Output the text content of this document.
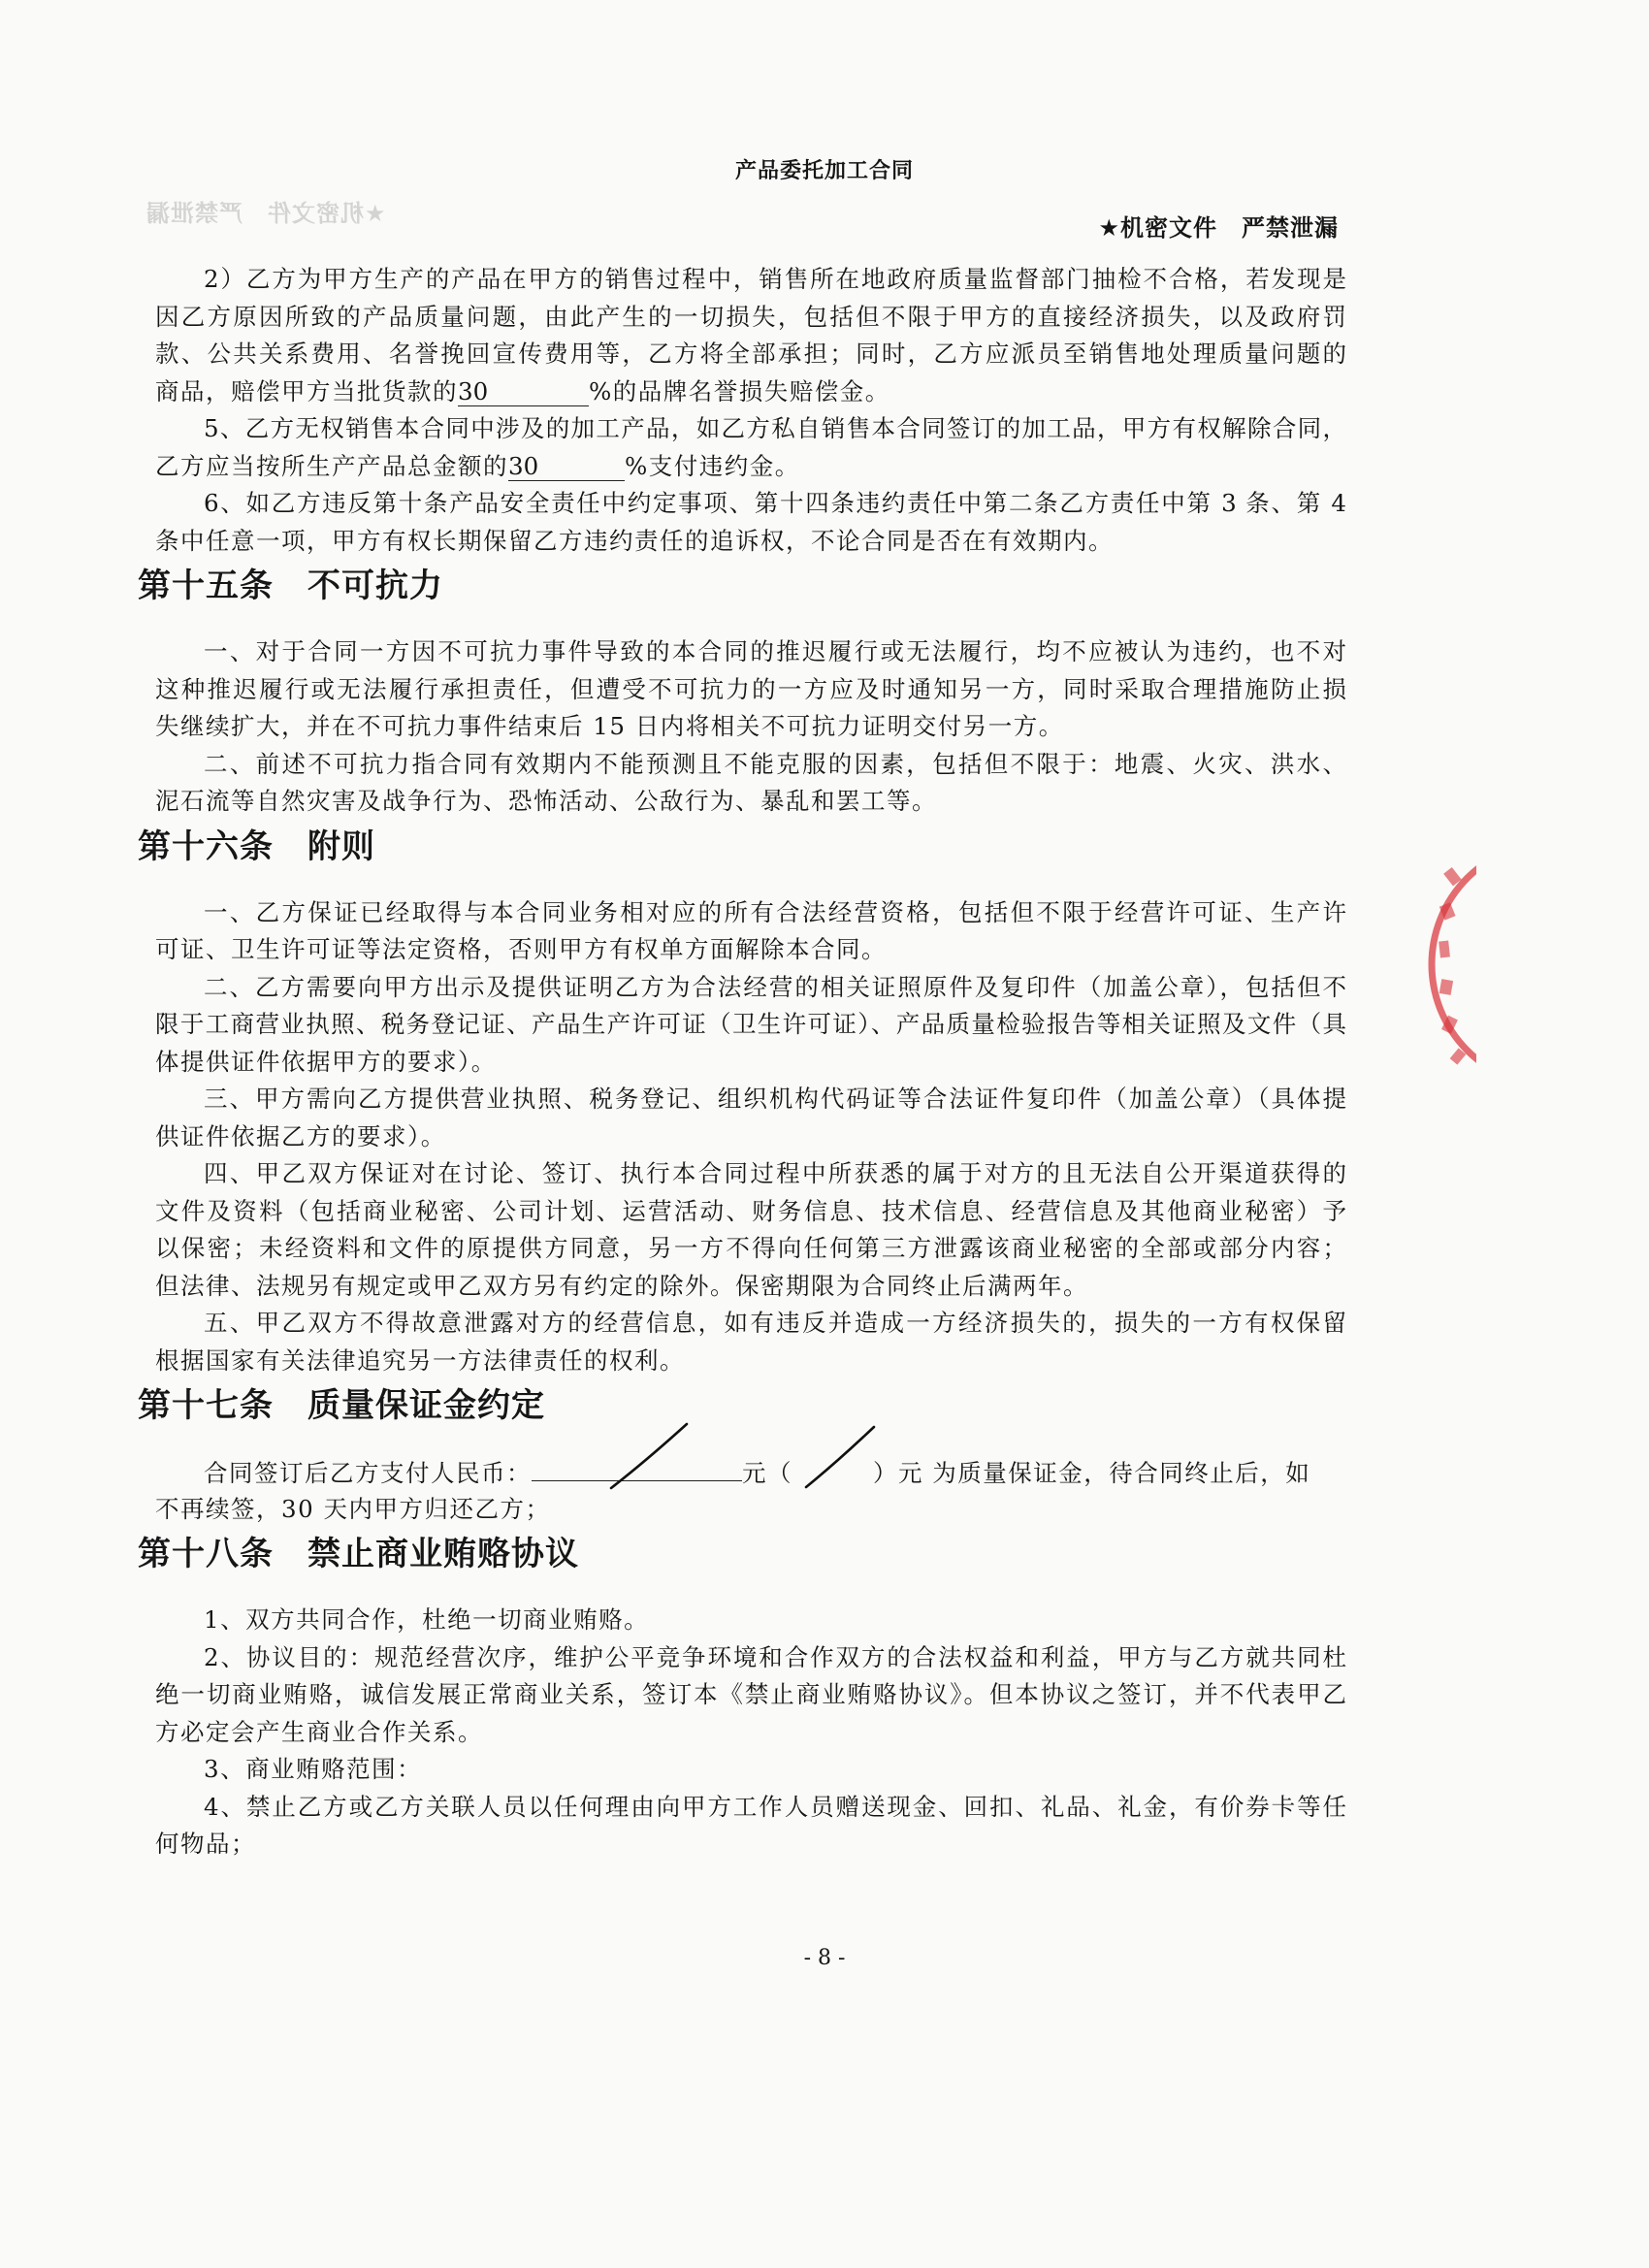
产品委托加工合同
★机密文件　严禁泄漏
★机密文件　严禁泄漏
2）乙方为甲方生产的产品在甲方的销售过程中，销售所在地政府质量监督部门抽检不合格，若发现是
因乙方原因所致的产品质量问题，由此产生的一切损失，包括但不限于甲方的直接经济损失，以及政府罚
款、公共关系费用、名誉挽回宣传费用等，乙方将全部承担；同时，乙方应派员至销售地处理质量问题的
商品，赔偿甲方当批货款的30	%的品牌名誉损失赔偿金。
5、乙方无权销售本合同中涉及的加工产品，如乙方私自销售本合同签订的加工品，甲方有权解除合同，
乙方应当按所生产产品总金额的30	%支付违约金。
6、如乙方违反第十条产品安全责任中约定事项、第十四条违约责任中第二条乙方责任中第 3 条、第 4
条中任意一项，甲方有权长期保留乙方违约责任的追诉权，不论合同是否在有效期内。
第十五条　不可抗力
一、对于合同一方因不可抗力事件导致的本合同的推迟履行或无法履行，均不应被认为违约，也不对
这种推迟履行或无法履行承担责任，但遭受不可抗力的一方应及时通知另一方，同时采取合理措施防止损
失继续扩大，并在不可抗力事件结束后 15 日内将相关不可抗力证明交付另一方。
二、前述不可抗力指合同有效期内不能预测且不能克服的因素，包括但不限于：地震、火灾、洪水、
泥石流等自然灾害及战争行为、恐怖活动、公敌行为、暴乱和罢工等。
第十六条　附则
一、乙方保证已经取得与本合同业务相对应的所有合法经营资格，包括但不限于经营许可证、生产许
可证、卫生许可证等法定资格，否则甲方有权单方面解除本合同。
二、乙方需要向甲方出示及提供证明乙方为合法经营的相关证照原件及复印件（加盖公章），包括但不
限于工商营业执照、税务登记证、产品生产许可证（卫生许可证）、产品质量检验报告等相关证照及文件（具
体提供证件依据甲方的要求）。
三、甲方需向乙方提供营业执照、税务登记、组织机构代码证等合法证件复印件（加盖公章）（具体提
供证件依据乙方的要求）。
四、甲乙双方保证对在讨论、签订、执行本合同过程中所获悉的属于对方的且无法自公开渠道获得的
文件及资料（包括商业秘密、公司计划、运营活动、财务信息、技术信息、经营信息及其他商业秘密）予
以保密；未经资料和文件的原提供方同意，另一方不得向任何第三方泄露该商业秘密的全部或部分内容；
但法律、法规另有规定或甲乙双方另有约定的除外。保密期限为合同终止后满两年。
五、甲乙双方不得故意泄露对方的经营信息，如有违反并造成一方经济损失的，损失的一方有权保留
根据国家有关法律追究另一方法律责任的权利。
第十七条　质量保证金约定
合同签订后乙方支付人民币：	元（	）元 为质量保证金，待合同终止后，如
不再续签，30 天内甲方归还乙方；
第十八条　禁止商业贿赂协议
1、双方共同合作，杜绝一切商业贿赂。
2、协议目的：规范经营次序，维护公平竞争环境和合作双方的合法权益和利益，甲方与乙方就共同杜
绝一切商业贿赂，诚信发展正常商业关系，签订本《禁止商业贿赂协议》。但本协议之签订，并不代表甲乙
方必定会产生商业合作关系。
3、商业贿赂范围：
4、禁止乙方或乙方关联人员以任何理由向甲方工作人员赠送现金、回扣、礼品、礼金，有价券卡等任
何物品；
- 8 -
